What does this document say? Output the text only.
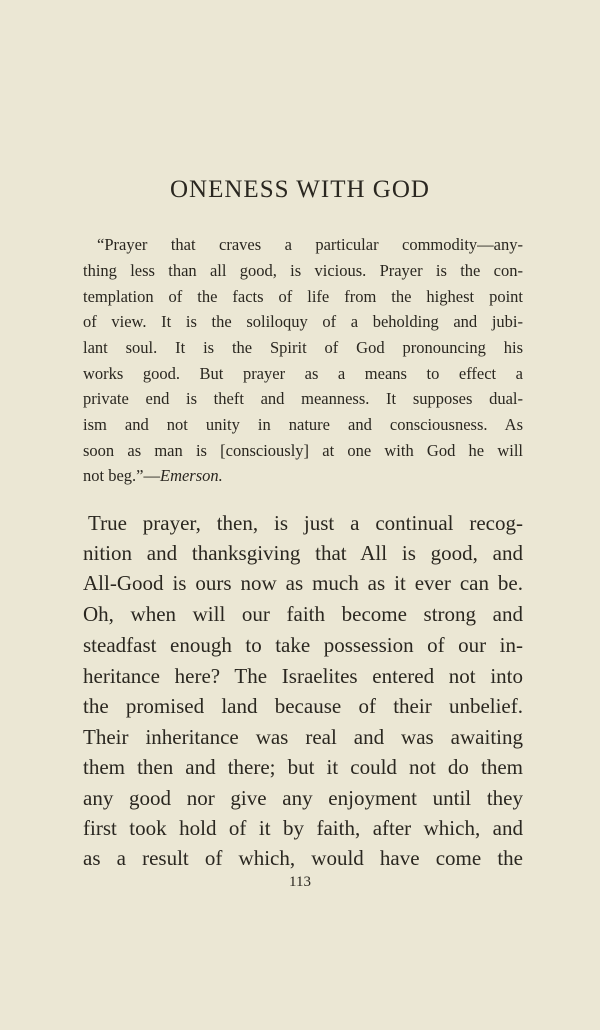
ONENESS WITH GOD
“Prayer that craves a particular commodity—any-
thing less than all good, is vicious. Prayer is the con-
templation of the facts of life from the highest point
of view. It is the soliloquy of a beholding and jubi-
lant soul. It is the Spirit of God pronouncing his
works good. But prayer as a means to effect a
private end is theft and meanness. It supposes dual-
ism and not unity in nature and consciousness. As
soon as man is [consciously] at one with God he will
not beg.”—Emerson.
True prayer, then, is just a continual recog-
nition and thanksgiving that All is good, and
All-Good is ours now as much as it ever can be.
Oh, when will our faith become strong and
steadfast enough to take possession of our in-
heritance here? The Israelites entered not into
the promised land because of their unbelief.
Their inheritance was real and was awaiting
them then and there; but it could not do them
any good nor give any enjoyment until they
first took hold of it by faith, after which, and
as a result of which, would have come the
113
